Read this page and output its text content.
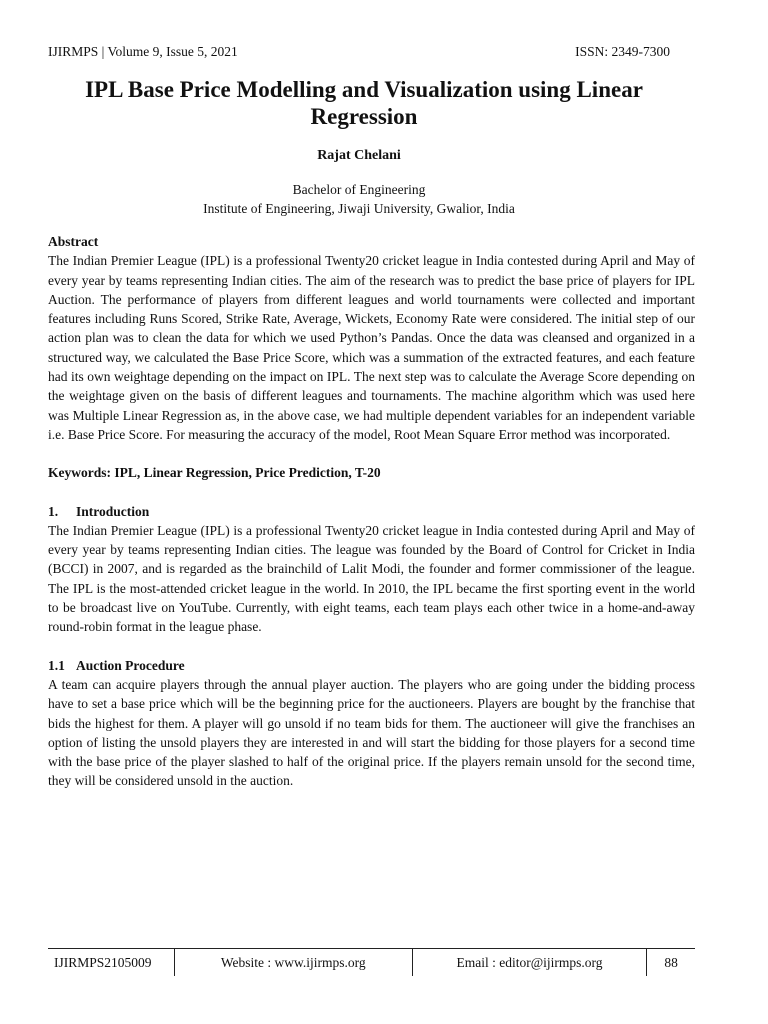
IJIRMPS | Volume 9, Issue 5, 2021	ISSN: 2349-7300
IPL Base Price Modelling and Visualization using Linear Regression
Rajat Chelani
Bachelor of Engineering
Institute of Engineering, Jiwaji University, Gwalior, India

Abstract

The Indian Premier League (IPL) is a professional Twenty20 cricket league in India contested during April and May of every year by teams representing Indian cities. The aim of the research was to predict the base price of players for IPL Auction. The performance of players from different leagues and world tournaments were collected and important features including Runs Scored, Strike Rate, Average, Wickets, Economy Rate were considered. The initial step of our action plan was to clean the data for which we used Python’s Pandas. Once the data was cleansed and organized in a structured way, we calculated the Base Price Score, which was a summation of the extracted features, and each feature had its own weightage depending on the impact on IPL. The next step was to calculate the Average Score depending on the weightage given on the basis of different leagues and tournaments. The machine algorithm which was used here was Multiple Linear Regression as, in the above case, we had multiple dependent variables for an independent variable i.e. Base Price Score. For measuring the accuracy of the model, Root Mean Square Error method was incorporated.

Keywords: IPL, Linear Regression, Price Prediction, T-20

1. Introduction

The Indian Premier League (IPL) is a professional Twenty20 cricket league in India contested during April and May of every year by teams representing Indian cities. The league was founded by the Board of Control for Cricket in India (BCCI) in 2007, and is regarded as the brainchild of Lalit Modi, the founder and former commissioner of the league. The IPL is the most-attended cricket league in the world. In 2010, the IPL became the first sporting event in the world to be broadcast live on YouTube. Currently, with eight teams, each team plays each other twice in a home-and-away round-robin format in the league phase.

1.1 Auction Procedure

A team can acquire players through the annual player auction. The players who are going under the bidding process have to set a base price which will be the beginning price for the auctioneers. Players are bought by the franchise that bids the highest for them. A player will go unsold if no team bids for them. The auctioneer will give the franchises an option of listing the unsold players they are interested in and will start the bidding for those players for a second time with the base price of the player slashed to half of the original price. If the players remain unsold for the second time, they will be considered unsold in the auction.

IJIRMPS2105009	Website : www.ijirmps.org	Email : editor@ijirmps.org	88
